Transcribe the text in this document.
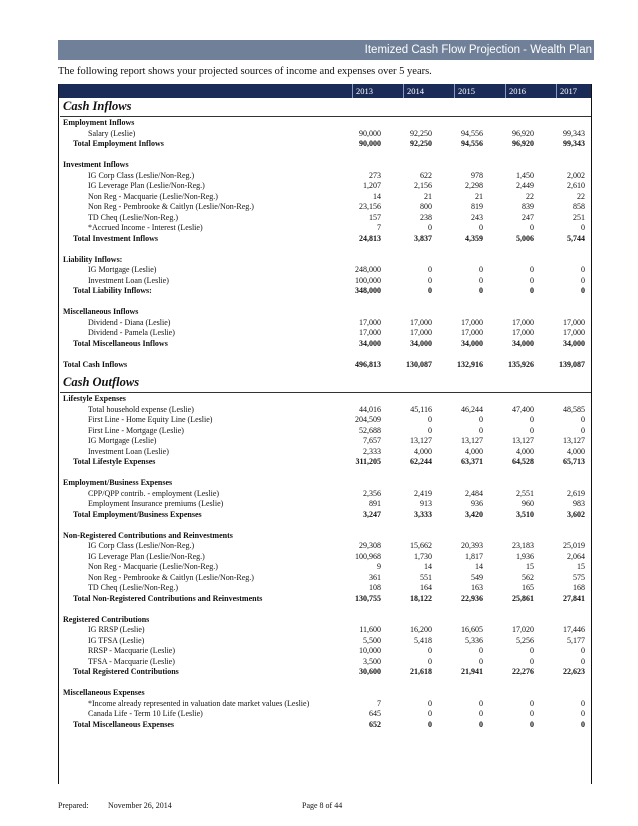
Itemized Cash Flow Projection - Wealth Plan
The following report shows your projected sources of income and expenses over 5 years.
2013	2014	2015	2016	2017
Cash Inflows
Employment Inflows
Salary (Leslie)	90,000	92,250	94,556	96,920	99,343
Total Employment Inflows	90,000	92,250	94,556	96,920	99,343
Investment Inflows
IG Corp Class (Leslie/Non-Reg.)	273	622	978	1,450	2,002
IG Leverage Plan (Leslie/Non-Reg.)	1,207	2,156	2,298	2,449	2,610
Non Reg - Macquarie (Leslie/Non-Reg.)	14	21	21	22	22
Non Reg - Pembrooke & Caitlyn (Leslie/Non-Reg.)	23,156	800	819	839	858
TD Cheq (Leslie/Non-Reg.)	157	238	243	247	251
*Accrued Income - Interest (Leslie)	7	0	0	0	0
Total Investment Inflows	24,813	3,837	4,359	5,006	5,744
Liability Inflows:
IG Mortgage (Leslie)	248,000	0	0	0	0
Investment Loan (Leslie)	100,000	0	0	0	0
Total Liability Inflows:	348,000	0	0	0	0
Miscellaneous Inflows
Dividend - Diana (Leslie)	17,000	17,000	17,000	17,000	17,000
Dividend - Pamela (Leslie)	17,000	17,000	17,000	17,000	17,000
Total Miscellaneous Inflows	34,000	34,000	34,000	34,000	34,000
Total Cash Inflows	496,813	130,087	132,916	135,926	139,087
Cash Outflows
Lifestyle Expenses
Total household expense (Leslie)	44,016	45,116	46,244	47,400	48,585
First Line - Home Equity Line (Leslie)	204,509	0	0	0	0
First Line - Mortgage (Leslie)	52,688	0	0	0	0
IG Mortgage (Leslie)	7,657	13,127	13,127	13,127	13,127
Investment Loan (Leslie)	2,333	4,000	4,000	4,000	4,000
Total Lifestyle Expenses	311,205	62,244	63,371	64,528	65,713
Employment/Business Expenses
CPP/QPP contrib. - employment (Leslie)	2,356	2,419	2,484	2,551	2,619
Employment Insurance premiums (Leslie)	891	913	936	960	983
Total Employment/Business Expenses	3,247	3,333	3,420	3,510	3,602
Non-Registered Contributions and Reinvestments
IG Corp Class (Leslie/Non-Reg.)	29,308	15,662	20,393	23,183	25,019
IG Leverage Plan (Leslie/Non-Reg.)	100,968	1,730	1,817	1,936	2,064
Non Reg - Macquarie (Leslie/Non-Reg.)	9	14	14	15	15
Non Reg - Pembrooke & Caitlyn (Leslie/Non-Reg.)	361	551	549	562	575
TD Cheq (Leslie/Non-Reg.)	108	164	163	165	168
Total Non-Registered Contributions and Reinvestments	130,755	18,122	22,936	25,861	27,841
Registered Contributions
IG RRSP (Leslie)	11,600	16,200	16,605	17,020	17,446
IG TFSA (Leslie)	5,500	5,418	5,336	5,256	5,177
RRSP - Macquarie (Leslie)	10,000	0	0	0	0
TFSA - Macquarie (Leslie)	3,500	0	0	0	0
Total Registered Contributions	30,600	21,618	21,941	22,276	22,623
Miscellaneous Expenses
*Income already represented in valuation date market values (Leslie)	7	0	0	0	0
Canada Life - Term 10 Life (Leslie)	645	0	0	0	0
Total Miscellaneous Expenses	652	0	0	0	0
Prepared: November 26, 2014	Page 8 of 44
